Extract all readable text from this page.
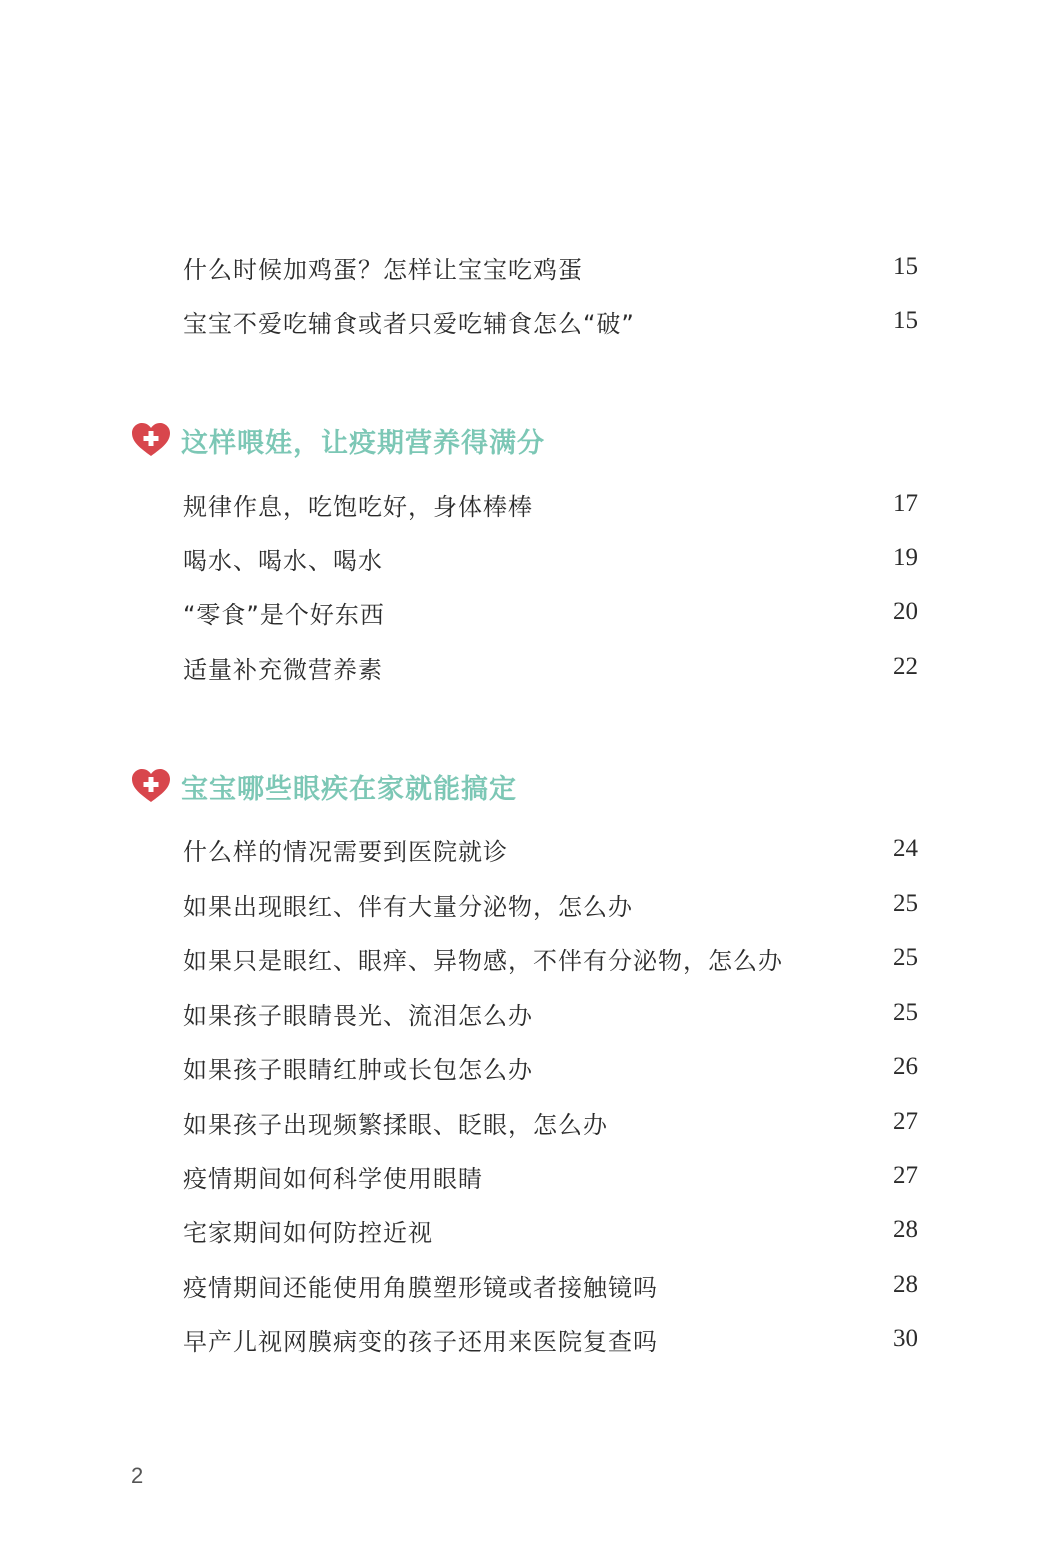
什么时候加鸡蛋？怎样让宝宝吃鸡蛋	15
宝宝不爱吃辅食或者只爱吃辅食怎么“破”	15
这样喂娃，让疫期营养得满分
规律作息，吃饱吃好，身体棒棒	17
喝水、喝水、喝水	19
“零食”是个好东西	20
适量补充微营养素	22
宝宝哪些眼疾在家就能搞定
什么样的情况需要到医院就诊	24
如果出现眼红、伴有大量分泌物，怎么办	25
如果只是眼红、眼痒、异物感，不伴有分泌物，怎么办	25
如果孩子眼睛畏光、流泪怎么办	25
如果孩子眼睛红肿或长包怎么办	26
如果孩子出现频繁揉眼、眨眼，怎么办	27
疫情期间如何科学使用眼睛	27
宅家期间如何防控近视	28
疫情期间还能使用角膜塑形镜或者接触镜吗	28
早产儿视网膜病变的孩子还用来医院复查吗	30
2
